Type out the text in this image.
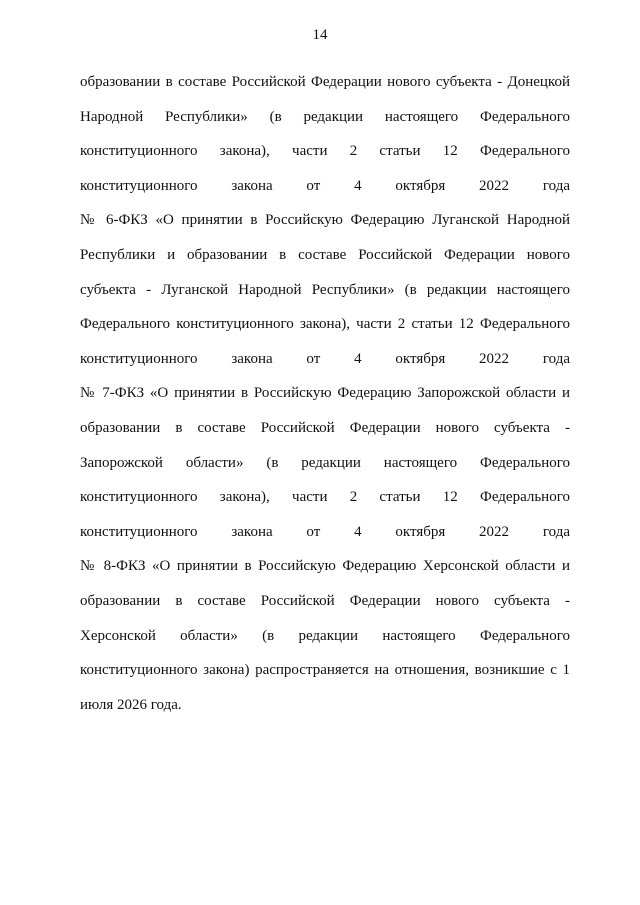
14
образовании в составе Российской Федерации нового субъекта - Донецкой
Народной Республики» (в редакции настоящего Федерального
конституционного закона), части 2 статьи 12 Федерального
конституционного закона от 4 октября 2022 года
№ 6-ФКЗ «О принятии в Российскую Федерацию Луганской Народной
Республики и образовании в составе Российской Федерации нового
субъекта - Луганской Народной Республики» (в редакции настоящего
Федерального конституционного закона), части 2 статьи 12 Федерального
конституционного закона от 4 октября 2022 года
№ 7-ФКЗ «О принятии в Российскую Федерацию Запорожской области и
образовании в составе Российской Федерации нового субъекта -
Запорожской области» (в редакции настоящего Федерального
конституционного закона), части 2 статьи 12 Федерального
конституционного закона от 4 октября 2022 года
№ 8-ФКЗ «О принятии в Российскую Федерацию Херсонской области и
образовании в составе Российской Федерации нового субъекта -
Херсонской области» (в редакции настоящего Федерального
конституционного закона) распространяется на отношения, возникшие с 1
июля 2026 года.
